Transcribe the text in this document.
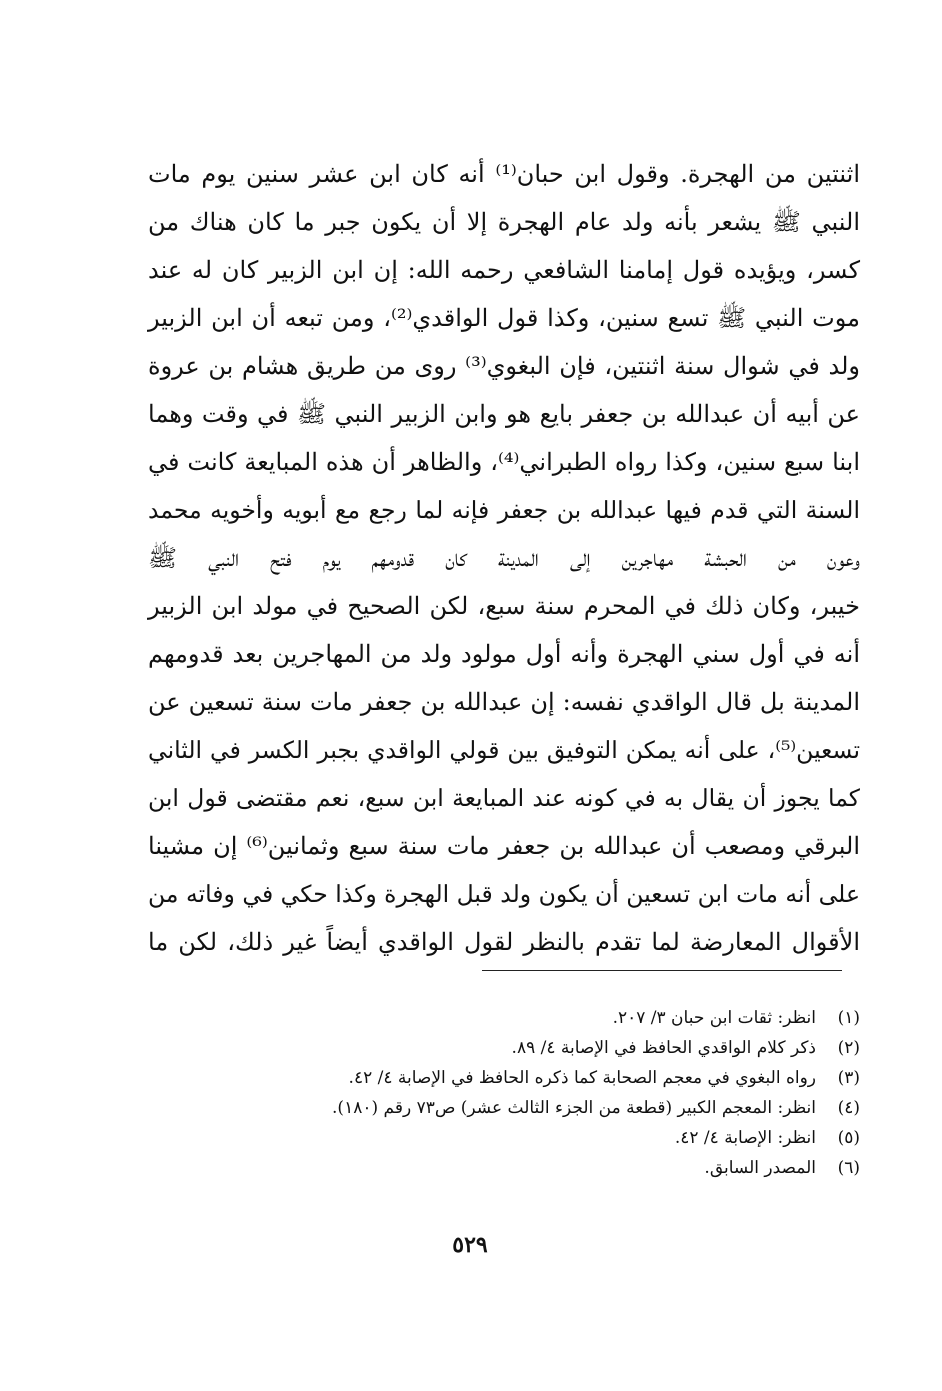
اثنتين من الهجرة. وقول ابن حبان⁽¹⁾ أنه كان ابن عشر سنين يوم مات
النبي ﷺ يشعر بأنه ولد عام الهجرة إلا أن يكون جبر ما كان هناك من
كسر، ويؤيده قول إمامنا الشافعي رحمه الله: إن ابن الزبير كان له عند
موت النبي ﷺ تسع سنين، وكذا قول الواقدي⁽²⁾، ومن تبعه أن ابن الزبير
ولد في شوال سنة اثنتين، فإن البغوي⁽³⁾ روى من طريق هشام بن عروة
عن أبيه أن عبدالله بن جعفر بايع هو وابن الزبير النبي ﷺ في وقت وهما
ابنا سبع سنين، وكذا رواه الطبراني⁽⁴⁾، والظاهر أن هذه المبايعة كانت في
السنة التي قدم فيها عبدالله بن جعفر فإنه لما رجع مع أبويه وأخويه محمد
وعون من الحبشة مهاجرين إلى المدينة كان قدومهم يوم فتح النبي ﷺ
خيبر، وكان ذلك في المحرم سنة سبع، لكن الصحيح في مولد ابن الزبير
أنه في أول سني الهجرة وأنه أول مولود ولد من المهاجرين بعد قدومهم
المدينة بل قال الواقدي نفسه: إن عبدالله بن جعفر مات سنة تسعين عن
تسعين⁽⁵⁾، على أنه يمكن التوفيق بين قولي الواقدي بجبر الكسر في الثاني
كما يجوز أن يقال به في كونه عند المبايعة ابن سبع، نعم مقتضى قول ابن
البرقي ومصعب أن عبدالله بن جعفر مات سنة سبع وثمانين⁽⁶⁾ إن مشينا
على أنه مات ابن تسعين أن يكون ولد قبل الهجرة وكذا حكي في وفاته من
الأقوال المعارضة لما تقدم بالنظر لقول الواقدي أيضاً غير ذلك، لكن ما
(١)
انظر: ثقات ابن حبان ٣/ ٢٠٧.
(٢)
ذكر كلام الواقدي الحافظ في الإصابة ٤/ ٨٩.
(٣)
رواه البغوي في معجم الصحابة كما ذكره الحافظ في الإصابة ٤/ ٤٢.
(٤)
انظر: المعجم الكبير (قطعة من الجزء الثالث عشر) ص٧٣ رقم (١٨٠).
(٥)
انظر: الإصابة ٤/ ٤٢.
(٦)
المصدر السابق.
٥٢٩
